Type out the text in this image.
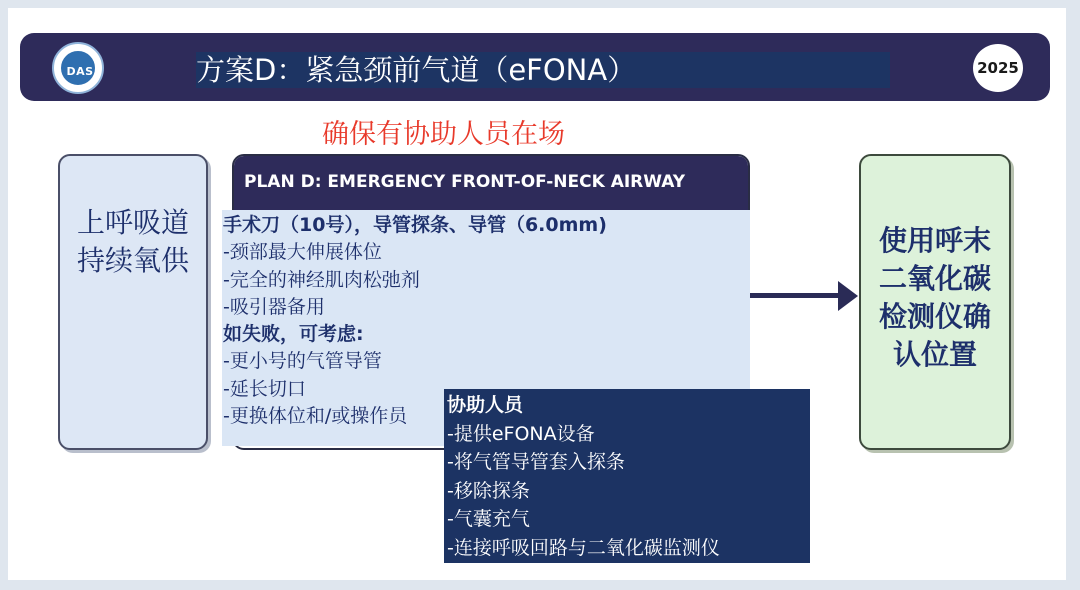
方案D：紧急颈前气道（eFONA）
DAS	2025
确保有协助人员在场
上呼吸道
持续氧供
PLAN D: EMERGENCY FRONT-OF-NECK AIRWAY
手术刀（10号），导管探条、导管（6.0mm)
-颈部最大伸展体位
-完全的神经肌肉松弛剂
-吸引器备用
如失败，可考虑:
-更小号的气管导管
-延长切口
-更换体位和/或操作员
使用呼末
二氧化碳
检测仪确
认位置
协助人员
-提供eFONA设备
-将气管导管套入探条
-移除探条
-气囊充气
-连接呼吸回路与二氧化碳监测仪
